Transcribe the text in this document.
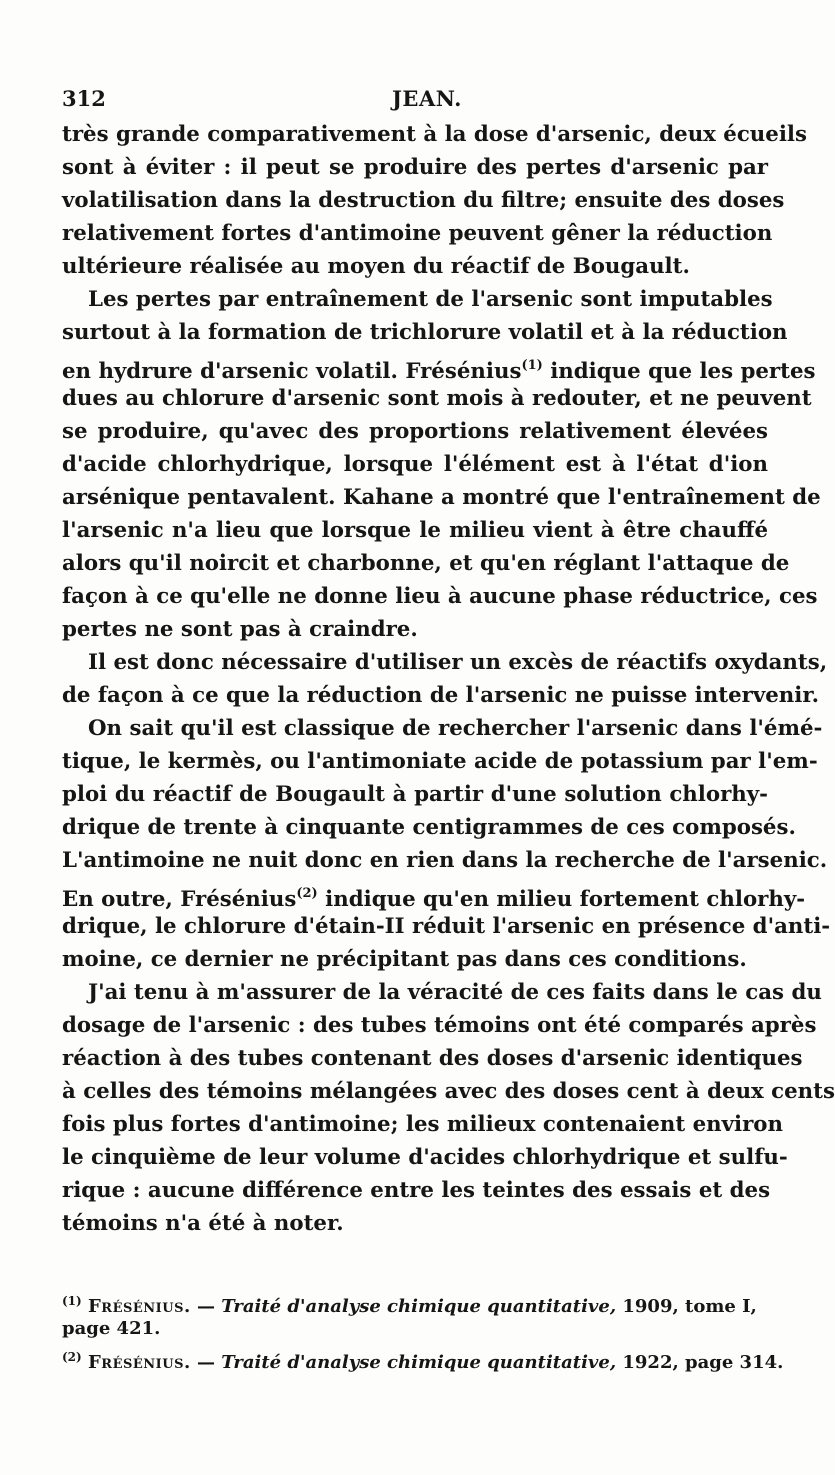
312	JEAN.
très grande comparativement à la dose d'arsenic, deux écueils
sont à éviter : il peut se produire des pertes d'arsenic par
volatilisation dans la destruction du filtre; ensuite des doses
relativement fortes d'antimoine peuvent gêner la réduction
ultérieure réalisée au moyen du réactif de Bougault.
Les pertes par entraînement de l'arsenic sont imputables
surtout à la formation de trichlorure volatil et à la réduction
en hydrure d'arsenic volatil. Frésénius$^{(1)}$ indique que les pertes
dues au chlorure d'arsenic sont mois à redouter, et ne peuvent
se produire, qu'avec des proportions relativement élevées
d'acide chlorhydrique, lorsque l'élément est à l'état d'ion
arsénique pentavalent. Kahane a montré que l'entraînement de
l'arsenic n'a lieu que lorsque le milieu vient à être chauffé
alors qu'il noircit et charbonne, et qu'en réglant l'attaque de
façon à ce qu'elle ne donne lieu à aucune phase réductrice, ces
pertes ne sont pas à craindre.
Il est donc nécessaire d'utiliser un excès de réactifs oxydants,
de façon à ce que la réduction de l'arsenic ne puisse intervenir.
On sait qu'il est classique de rechercher l'arsenic dans l'émé-
tique, le kermès, ou l'antimoniate acide de potassium par l'em-
ploi du réactif de Bougault à partir d'une solution chlorhy-
drique de trente à cinquante centigrammes de ces composés.
L'antimoine ne nuit donc en rien dans la recherche de l'arsenic.
En outre, Frésénius$^{(2)}$ indique qu'en milieu fortement chlorhy-
drique, le chlorure d'étain-II réduit l'arsenic en présence d'anti-
moine, ce dernier ne précipitant pas dans ces conditions.
J'ai tenu à m'assurer de la véracité de ces faits dans le cas du
dosage de l'arsenic : des tubes témoins ont été comparés après
réaction à des tubes contenant des doses d'arsenic identiques
à celles des témoins mélangées avec des doses cent à deux cents
fois plus fortes d'antimoine; les milieux contenaient environ
le cinquième de leur volume d'acides chlorhydrique et sulfu-
rique : aucune différence entre les teintes des essais et des
témoins n'a été à noter.
$^{(1)}$ Frésénius. — Traité d'analyse chimique quantitative, 1909, tome I,
page 421.
$^{(2)}$ Frésénius. — Traité d'analyse chimique quantitative, 1922, page 314.
